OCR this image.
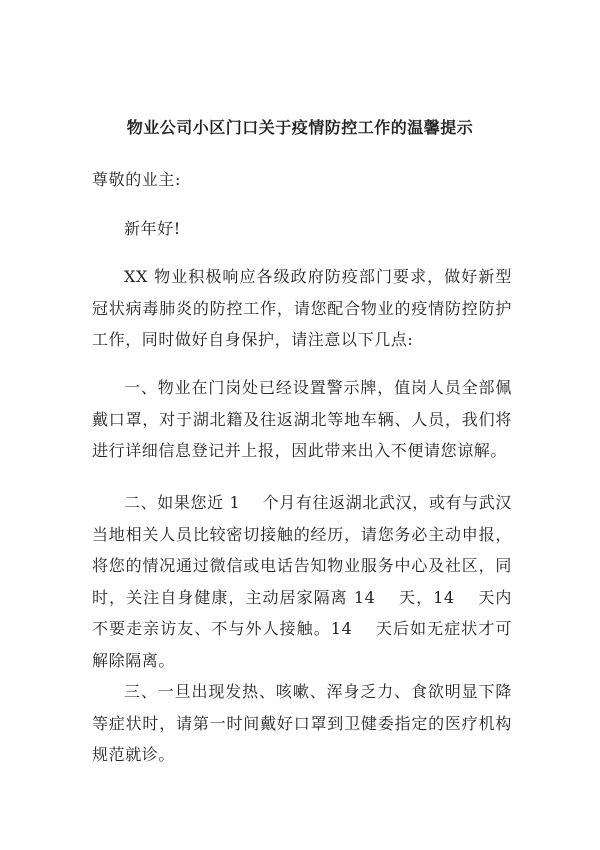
物业公司小区门口关于疫情防控工作的温馨提示
尊敬的业主:
新年好!
XX 物业积极响应各级政府防疫部门要求，做好新型冠状病毒肺炎的防控工作，请您配合物业的疫情防控防护工作，同时做好自身保护，请注意以下几点:
一、物业在门岗处已经设置警示牌，值岗人员全部佩戴口罩，对于湖北籍及往返湖北等地车辆、人员，我们将进行详细信息登记并上报，因此带来出入不便请您谅解。
二、如果您近 1　 个月有往返湖北武汉，或有与武汉当地相关人员比较密切接触的经历，请您务必主动申报，将您的情况通过微信或电话告知物业服务中心及社区，同时，关注自身健康，主动居家隔离 14　 天，14　 天内不要走亲访友、不与外人接触。14　 天后如无症状才可解除隔离。
三、一旦出现发热、咳嗽、浑身乏力、食欲明显下降等症状时，请第一时间戴好口罩到卫健委指定的医疗机构规范就诊。
